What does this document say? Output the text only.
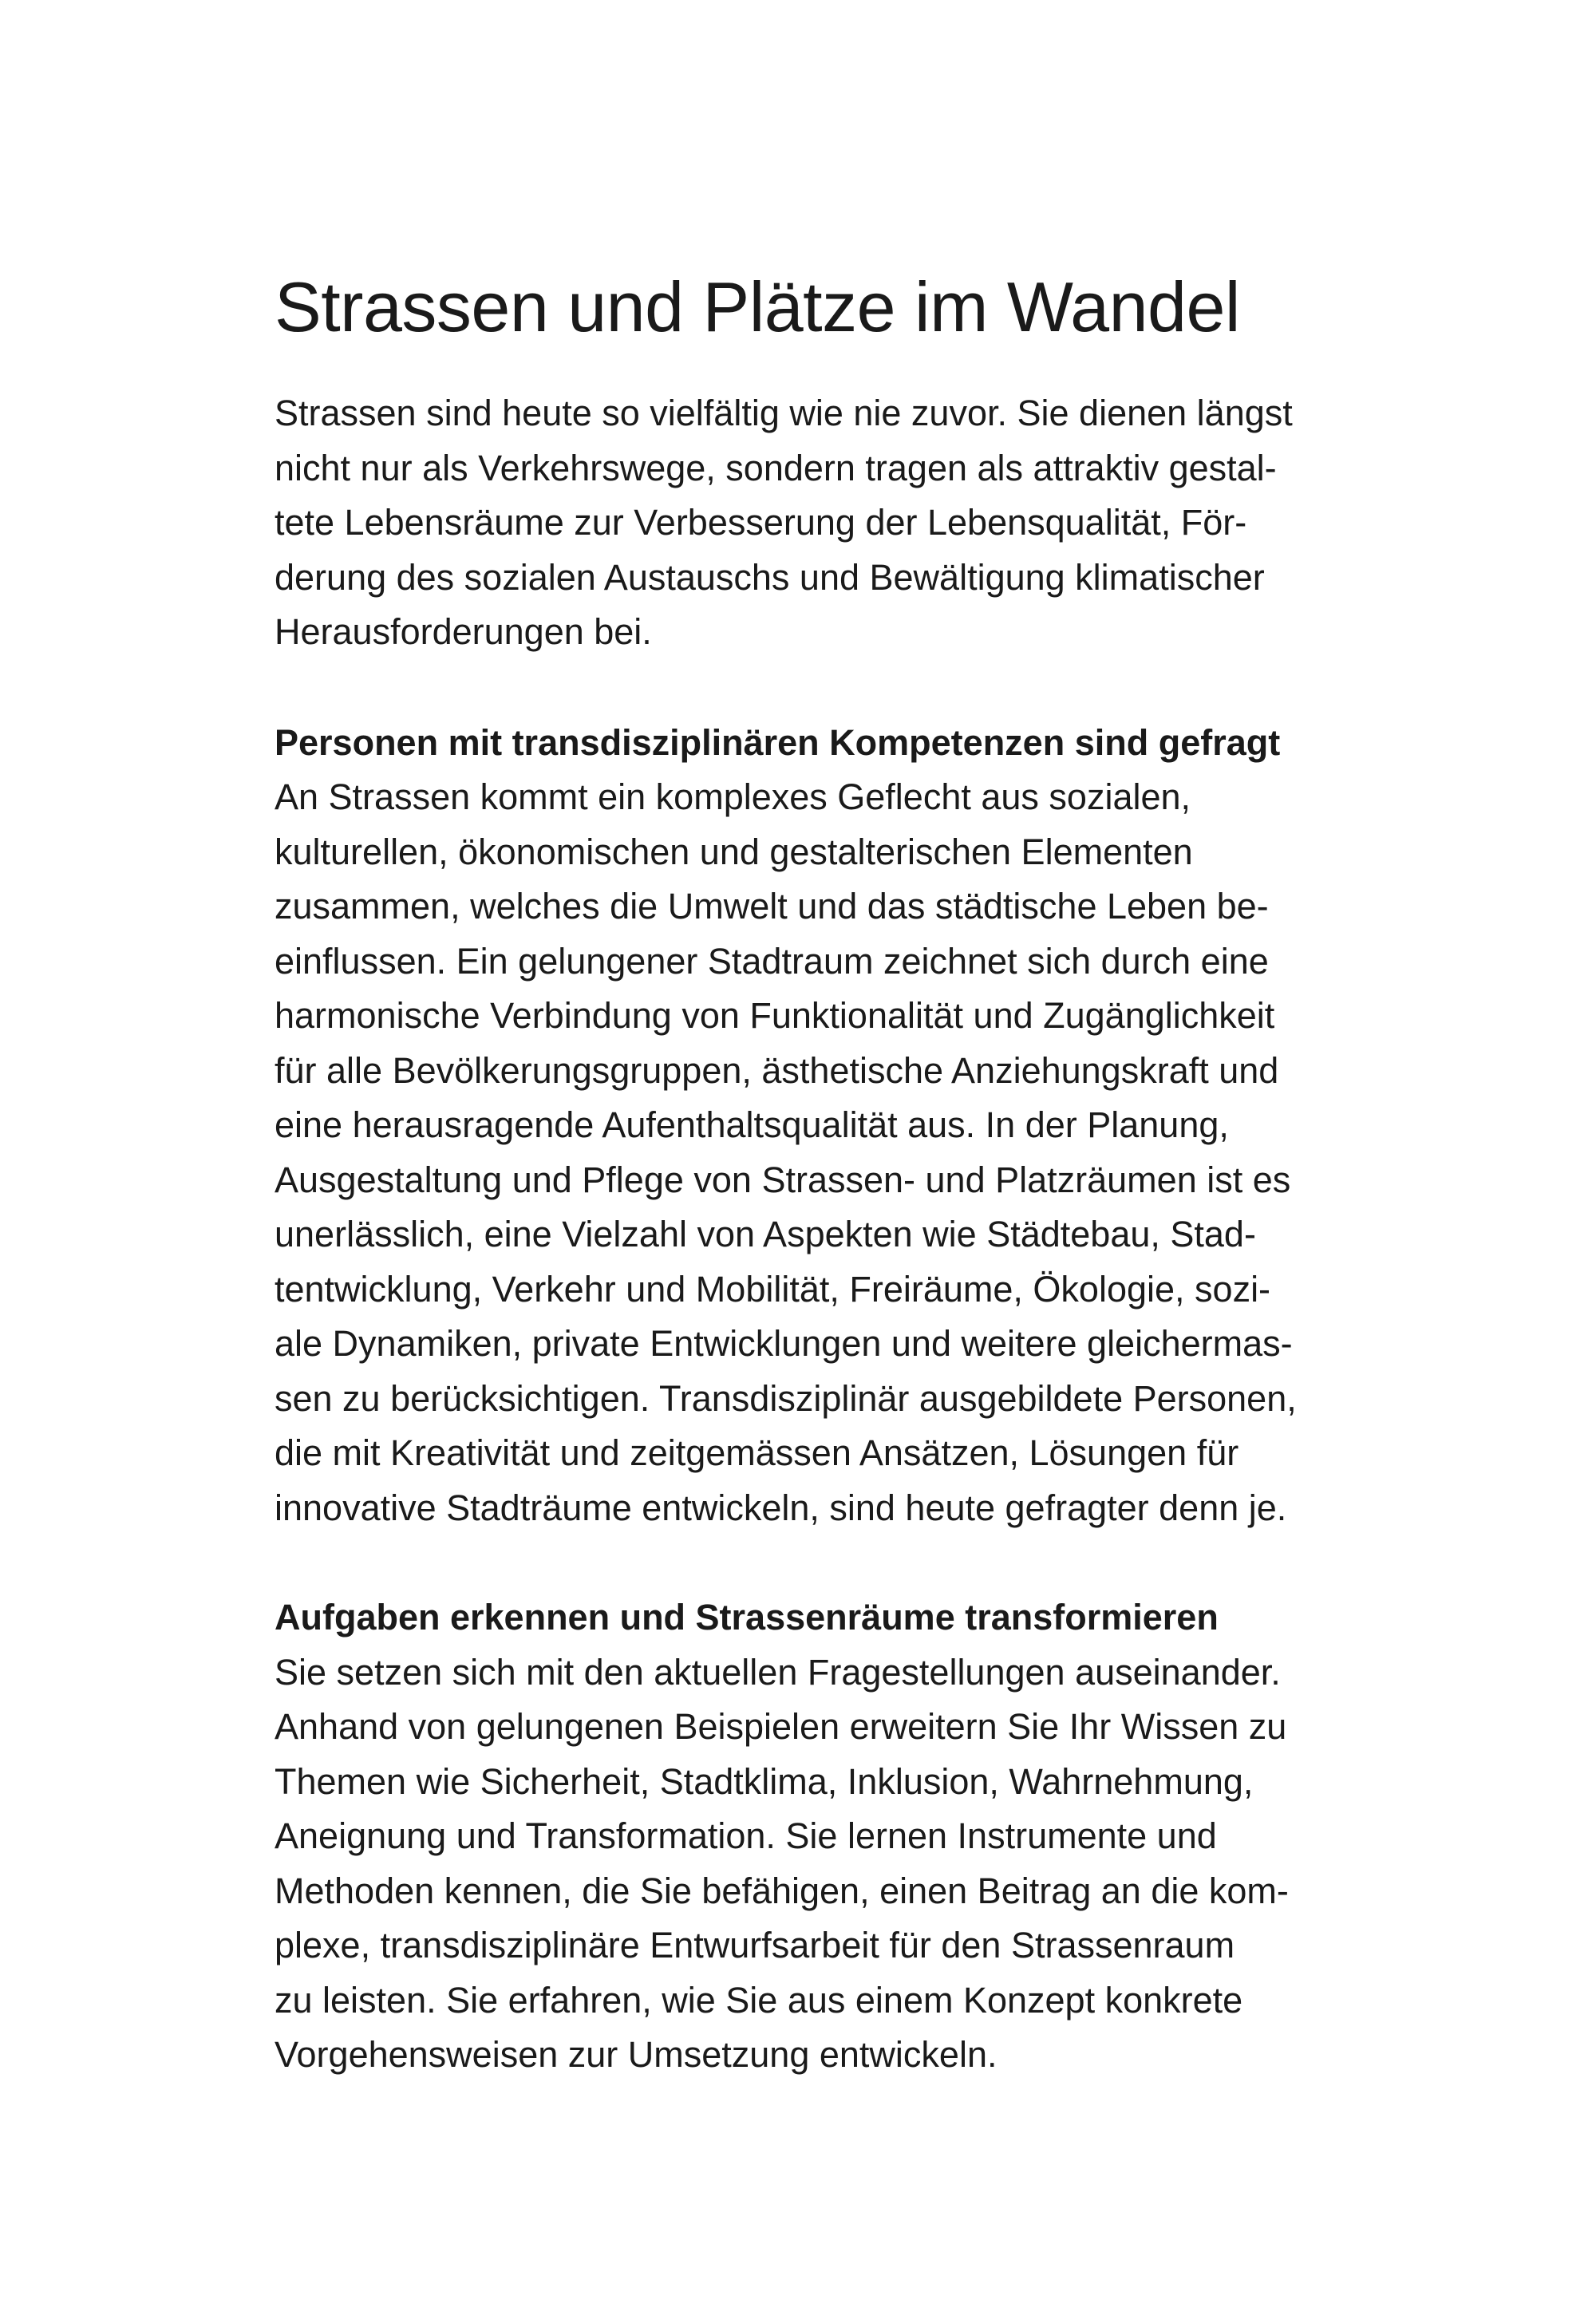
Strassen und Plätze im Wandel
Strassen sind heute so vielfältig wie nie zuvor. Sie dienen längst
nicht nur als Verkehrswege, sondern tragen als attraktiv gestal-
tete Lebensräume zur Verbesserung der Lebensqualität, För-
derung des sozialen Austauschs und Bewältigung klimatischer
Herausforderungen bei.
Personen mit transdisziplinären Kompetenzen sind gefragt
An Strassen kommt ein komplexes Geflecht aus sozialen,
kulturellen, ökonomischen und gestalterischen Elementen
zusammen, welches die Umwelt und das städtische Leben be-
einflussen. Ein gelungener Stadtraum zeichnet sich durch eine
harmonische Verbindung von Funktionalität und Zugänglichkeit
für alle Bevölkerungsgruppen, ästhetische Anziehungskraft und
eine herausragende Aufenthaltsqualität aus. In der Planung,
Ausgestaltung und Pflege von Strassen- und Platzräumen ist es
unerlässlich, eine Vielzahl von Aspekten wie Städtebau, Stad-
tentwicklung, Verkehr und Mobilität, Freiräume, Ökologie, sozi-
ale Dynamiken, private Entwicklungen und weitere gleichermas-
sen zu berücksichtigen. Transdisziplinär ausgebildete Personen,
die mit Kreativität und zeitgemässen Ansätzen, Lösungen für
innovative Stadträume entwickeln, sind heute gefragter denn je.
Aufgaben erkennen und Strassenräume transformieren
Sie setzen sich mit den aktuellen Fragestellungen auseinander.
Anhand von gelungenen Beispielen erweitern Sie Ihr Wissen zu
Themen wie Sicherheit, Stadtklima, Inklusion, Wahrnehmung,
Aneignung und Transformation. Sie lernen Instrumente und
Methoden kennen, die Sie befähigen, einen Beitrag an die kom-
plexe, transdisziplinäre Entwurfsarbeit für den Strassenraum
zu leisten. Sie erfahren, wie Sie aus einem Konzept konkrete
Vorgehensweisen zur Umsetzung entwickeln.
